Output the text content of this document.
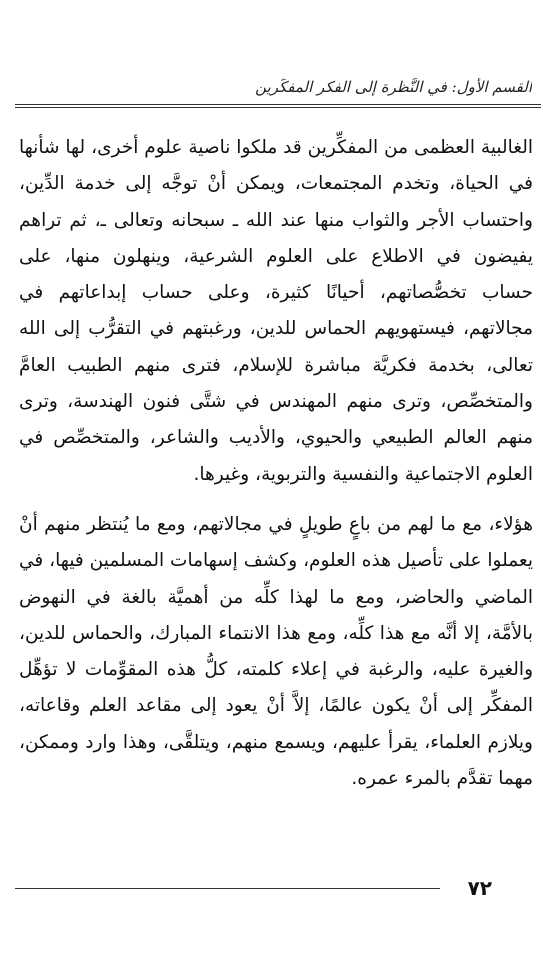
القسم الأول: في النَّظرة إلى الفكر المفكِّرين

الغالبية العظمى من المفكِّرين قد ملكوا ناصية علوم أخرى، لها شأنها في الحياة، وتخدم المجتمعات، ويمكن أنْ توجَّه إلى خدمة الدِّين، واحتساب الأجر والثواب منها عند الله ـ سبحانه وتعالى ـ، ثم تراهم يفيضون في الاطلاع على العلوم الشرعية، وينهلون منها، على حساب تخصُّصاتهم، أحيانًا كثيرة، وعلى حساب إبداعاتهم في مجالاتهم، فيستهويهم الحماس للدين، ورغبتهم في التقرُّب إلى الله تعالى، بخدمة فكريَّة مباشرة للإسلام، فترى منهم الطبيب العامَّ والمتخصِّص، وترى منهم المهندس في شتَّى فنون الهندسة، وترى منهم العالم الطبيعي والحيوي، والأديب والشاعر، والمتخصِّص في العلوم الاجتماعية والنفسية والتربوية، وغيرها.

هؤلاء، مع ما لهم من باعٍ طويلٍ في مجالاتهم، ومع ما يُنتظر منهم أنْ يعملوا على تأصيل هذه العلوم، وكشف إسهامات المسلمين فيها، في الماضي والحاضر، ومع ما لهذا كلِّه من أهميَّة بالغة في النهوض بالأمَّة، إلا أنَّه مع هذا كلِّه، ومع هذا الانتماء المبارك، والحماس للدين، والغيرة عليه، والرغبة في إعلاء كلمته، كلُّ هذه المقوِّمات لا تؤهِّل المفكِّر إلى أنْ يكون عالمًا، إلاَّ أنْ يعود إلى مقاعد العلم وقاعاته، ويلازم العلماء، يقرأ عليهم، ويسمع منهم، ويتلقَّى، وهذا وارد وممكن، مهما تقدَّم بالمرء عمره.

٧٢
